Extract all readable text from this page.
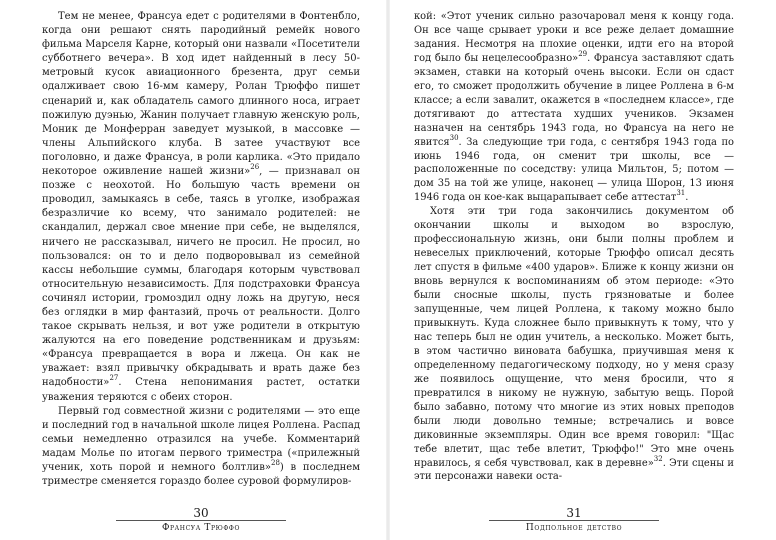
Тем не менее, Франсуа едет с родителями в Фонтенбло, когда они решают снять пародийный ремейк нового фильма Марселя Карне, который они назвали «Посетители субботнего вечера». В ход идет найденный в лесу 50-метровый кусок авиационного брезента, друг семьи одалживает свою 16-мм камеру, Ролан Трюффо пишет сценарий и, как обладатель самого длинного носа, играет пожилую дуэнью, Жанин получает главную женскую роль, Моник де Монферран заведует музыкой, в массовке — члены Альпийского клуба. В затее участвуют все поголовно, и даже Франсуа, в роли карлика. «Это придало некоторое оживление нашей жизни»$^{26}$, — признавал он позже с неохотой. Но большую часть времени он проводил, замыкаясь в себе, таясь в уголке, изображая безразличие ко всему, что занимало родителей: не скандалил, держал свое мнение при себе, не выделялся, ничего не рассказывал, ничего не просил. Не просил, но пользовался: он то и дело подворовывал из семейной кассы небольшие суммы, благодаря которым чувствовал относительную независимость. Для подстраховки Франсуа сочинял истории, громоздил одну ложь на другую, неся без оглядки в мир фантазий, прочь от реальности. Долго такое скрывать нельзя, и вот уже родители в открытую жалуются на его поведение родственникам и друзьям: «Франсуа превращается в вора и лжеца. Он как не уважает: взял привычку обкрадывать и врать даже без надобности»$^{27}$. Стена непонимания растет, остатки уважения теряются с обеих сторон.

Первый год совместной жизни с родителями — это еще и последний год в начальной школе лицея Роллена. Распад семьи немедленно отразился на учебе. Комментарий мадам Молье по итогам первого триместра («прилежный ученик, хоть порой и немного болтлив»$^{28}$) в последнем триместре сменяется гораздо более суровой формулиров-

30
Франсуа Трюффо

кой: «Этот ученик сильно разочаровал меня к концу года. Он все чаще срывает уроки и все реже делает домашние задания. Несмотря на плохие оценки, идти его на второй год было бы нецелесообразно»$^{29}$. Франсуа заставляют сдать экзамен, ставки на который очень высоки. Если он сдаст его, то сможет продолжить обучение в лицее Роллена в 6-м классе; а если завалит, окажется в «последнем классе», где дотягивают до аттестата худших учеников. Экзамен назначен на сентябрь 1943 года, но Франсуа на него не явится$^{30}$. За следующие три года, с сентября 1943 года по июнь 1946 года, он сменит три школы, все — расположенные по соседству: улица Мильтон, 5; потом — дом 35 на той же улице, наконец — улица Шорон, 13 июня 1946 года он кое-как выцарапывает себе аттестат$^{31}$.

Хотя эти три года закончились документом об окончании школы и выходом во взрослую, профессиональную жизнь, они были полны проблем и невеселых приключений, которые Трюффо описал десять лет спустя в фильме «400 ударов». Ближе к концу жизни он вновь вернулся к воспоминаниям об этом периоде: «Это были сносные школы, пусть грязноватые и более запущенные, чем лицей Роллена, к такому можно было привыкнуть. Куда сложнее было привыкнуть к тому, что у нас теперь был не один учитель, а несколько. Может быть, в этом частично виновата бабушка, приучившая меня к определенному педагогическому подходу, но у меня сразу же появилось ощущение, что меня бросили, что я превратился в никому не нужную, забытую вещь. Порой было забавно, потому что многие из этих новых преподов были люди довольно темные; встречались и вовсе диковинные экземпляры. Один все время говорил: "Щас тебе влетит, щас тебе влетит, Трюффо!" Это мне очень нравилось, я себя чувствовал, как в деревне»$^{32}$. Эти сцены и эти персонажи навеки оста-

31
Подпольное детство
